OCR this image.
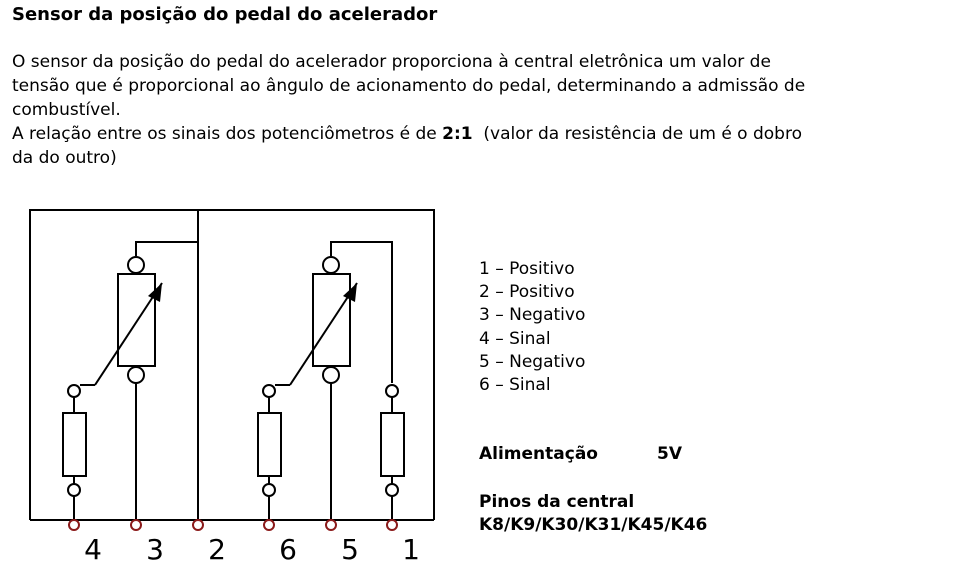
Sensor da posição do pedal do acelerador
O sensor da posição do pedal do acelerador proporciona à central eletrônica um valor de
tensão que é proporcional ao ângulo de acionamento do pedal, determinando a admissão de
combustível.
A relação entre os sinais dos potenciômetros é de 2:1  (valor da resistência de um é o dobro
da do outro)
4 3 2 6 5 1
1 – Positivo
2 – Positivo
3 – Negativo
4 – Sinal
5 – Negativo
6 – Sinal
Alimentação	5V
Pinos da central
K8/K9/K30/K31/K45/K46
